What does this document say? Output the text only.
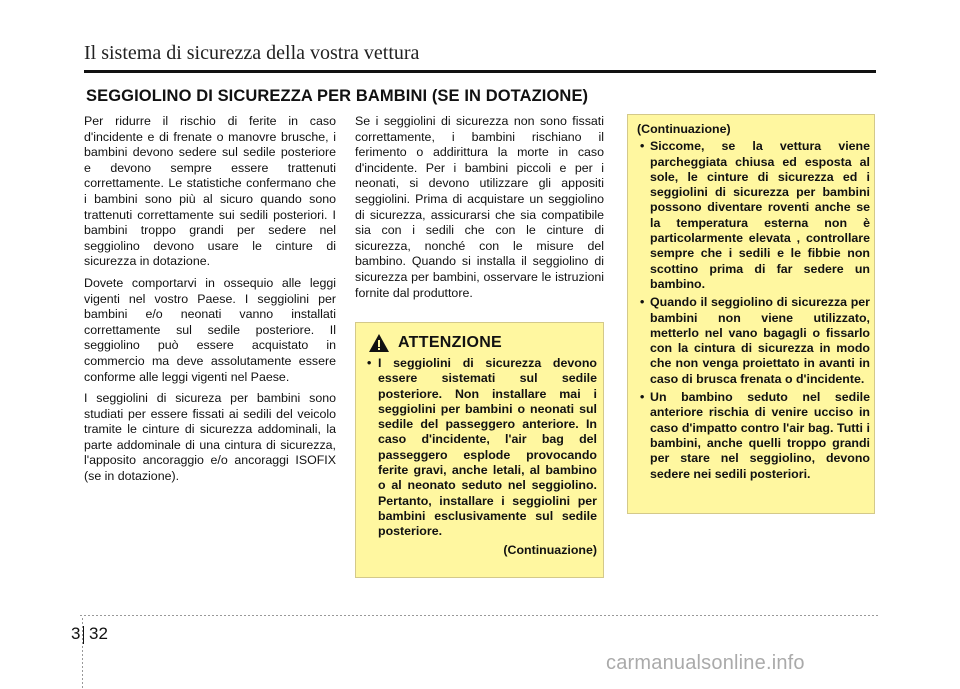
Il sistema di sicurezza della vostra vettura
SEGGIOLINO DI SICUREZZA PER BAMBINI (SE IN DOTAZIONE)

Per ridurre il rischio di ferite in caso d'incidente e di frenate o manovre brusche, i bambini devono sedere sul sedile posteriore e devono sempre essere trattenuti correttamente. Le statistiche confermano che i bambini sono più al sicuro quando sono trattenuti correttamente sui sedili posteriori. I bambini troppo grandi per sedere nel seggiolino devono usare le cinture di sicurezza in dotazione.

Dovete comportarvi in ossequio alle leggi vigenti nel vostro Paese. I seggiolini per bambini e/o neonati vanno installati correttamente sul sedile posteriore. Il seggiolino può essere acquistato in commercio ma deve assolutamente essere conforme alle leggi vigenti nel Paese.

I seggiolini di sicureza per bambini sono studiati per essere fissati ai sedili del veicolo tramite le cinture di sicurezza addominali, la parte addominale di una cintura di sicurezza, l'apposito ancoraggio e/o ancoraggi ISOFIX (se in dotazione).

Se i seggiolini di sicurezza non sono fissati correttamente, i bambini rischiano il ferimento o addirittura la morte in caso d'incidente. Per i bambini piccoli e per i neonati, si devono utilizzare gli appositi seggiolini. Prima di acquistare un seggiolino di sicurezza, assicurarsi che sia compatibile sia con i sedili che con le cinture di sicurezza, nonché con le misure del bambino. Quando si installa il seggiolino di sicurezza per bambini, osservare le istruzioni fornite dal produttore.

ATTENZIONE
• I seggiolini di sicurezza devono essere sistemati sul sedile posteriore. Non installare mai i seggiolini per bambini o neonati sul sedile del passeggero anteriore. In caso d'incidente, l'air bag del passeggero esplode provocando ferite gravi, anche letali, al bambino o al neonato seduto nel seggiolino. Pertanto, installare i seggiolini per bambini esclusivamente sul sedile posteriore.
(Continuazione)
(Continuazione)
• Siccome, se la vettura viene parcheggiata chiusa ed esposta al sole, le cinture di sicurezza ed i seggiolini di sicurezza per bambini possono diventare roventi anche se la temperatura esterna non è particolarmente elevata , controllare sempre che i sedili e le fibbie non scottino prima di far sedere un bambino.
• Quando il seggiolino di sicurezza per bambini non viene utilizzato, metterlo nel vano bagagli o fissarlo con la cintura di sicurezza in modo che non venga proiettato in avanti in caso di brusca frenata o d'incidente.
• Un bambino seduto nel sedile anteriore rischia di venire ucciso in caso d'impatto contro l'air bag. Tutti i bambini, anche quelli troppo grandi per stare nel seggiolino, devono sedere nei sedili posteriori.
3 32
carmanualsonline.info
